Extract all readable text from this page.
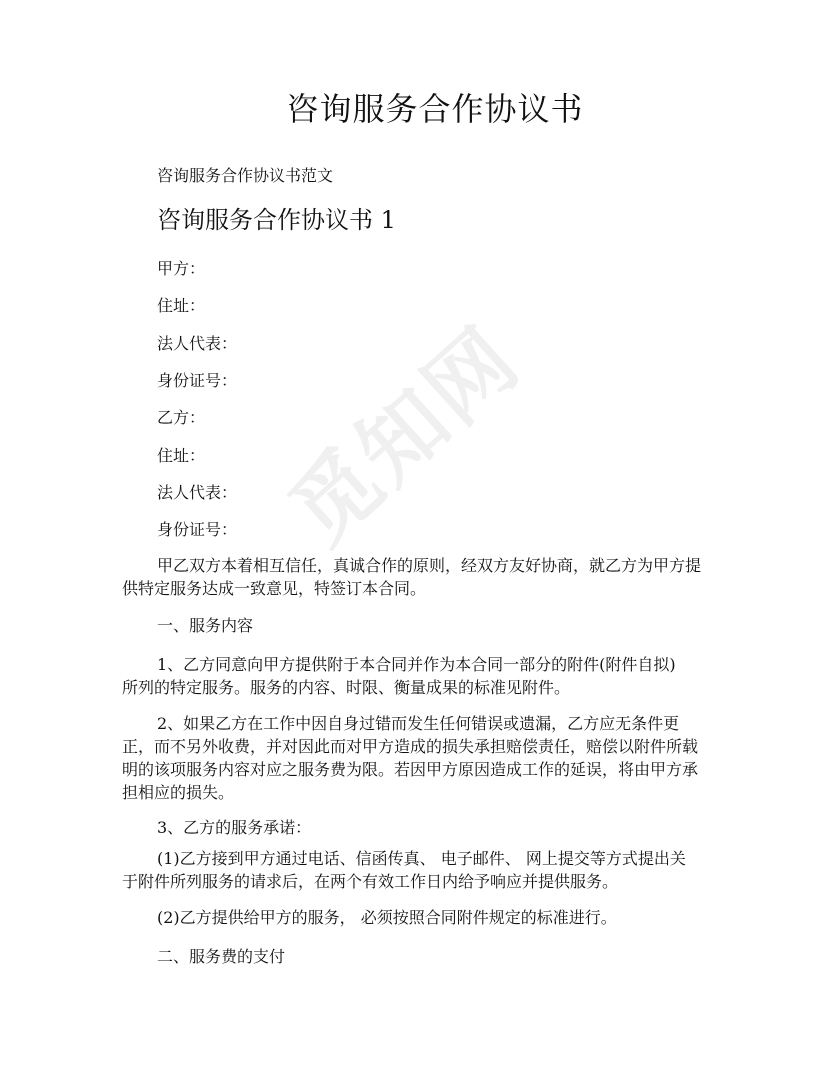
觅知网
咨询服务合作协议书
咨询服务合作协议书范文
咨询服务合作协议书 1
甲方：
住址：
法人代表：
身份证号：
乙方：
住址：
法人代表：
身份证号：
甲乙双方本着相互信任，真诚合作的原则，经双方友好协商，就乙方为甲方提
供特定服务达成一致意见，特签订本合同。
一、服务内容
1、乙方同意向甲方提供附于本合同并作为本合同一部分的附件(附件自拟)
所列的特定服务。服务的内容、时限、衡量成果的标准见附件。
2、如果乙方在工作中因自身过错而发生任何错误或遗漏，乙方应无条件更
正，而不另外收费，并对因此而对甲方造成的损失承担赔偿责任，赔偿以附件所载
明的该项服务内容对应之服务费为限。若因甲方原因造成工作的延误，将由甲方承
担相应的损失。
3、乙方的服务承诺：
(1)乙方接到甲方通过电话、信函传真、 电子邮件、 网上提交等方式提出关
于附件所列服务的请求后，在两个有效工作日内给予响应并提供服务。
(2)乙方提供给甲方的服务， 必须按照合同附件规定的标准进行。
二、服务费的支付
